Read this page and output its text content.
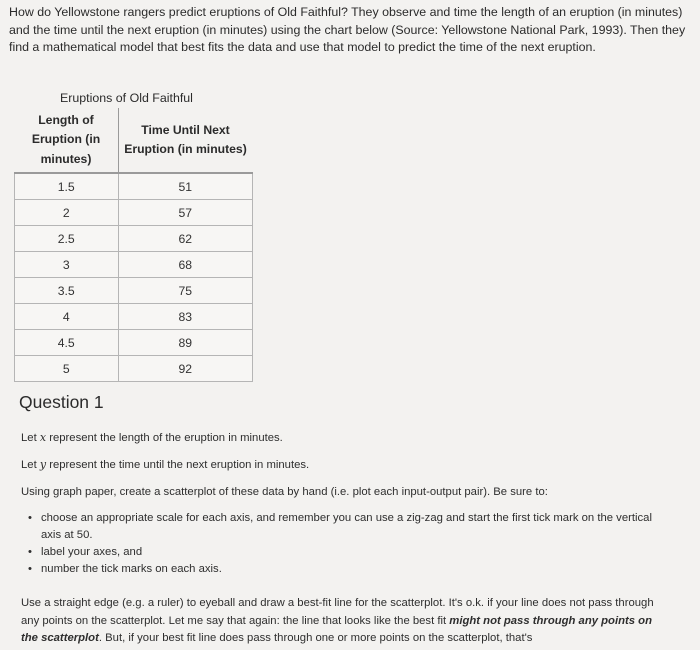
How do Yellowstone rangers predict eruptions of Old Faithful? They observe and time the length of an eruption (in minutes) and the time until the next eruption (in minutes) using the chart below (Source: Yellowstone National Park, 1993). Then they find a mathematical model that best fits the data and use that model to predict the time of the next eruption.
Eruptions of Old Faithful
Length of Eruption (in minutes)	Time Until Next Eruption (in minutes)
1.5	51
2	57
2.5	62
3	68
3.5	75
4	83
4.5	89
5	92
Question 1
Let x represent the length of the eruption in minutes.
Let y represent the time until the next eruption in minutes.
Using graph paper, create a scatterplot of these data by hand (i.e. plot each input-output pair). Be sure to:
• choose an appropriate scale for each axis, and remember you can use a zig-zag and start the first tick mark on the vertical axis at 50.
• label your axes, and
• number the tick marks on each axis.
Use a straight edge (e.g. a ruler) to eyeball and draw a best-fit line for the scatterplot. It's o.k. if your line does not pass through any points on the scatterplot. Let me say that again: the line that looks like the best fit might not pass through any points on the scatterplot. But, if your best fit line does pass through one or more points on the scatterplot, that's
